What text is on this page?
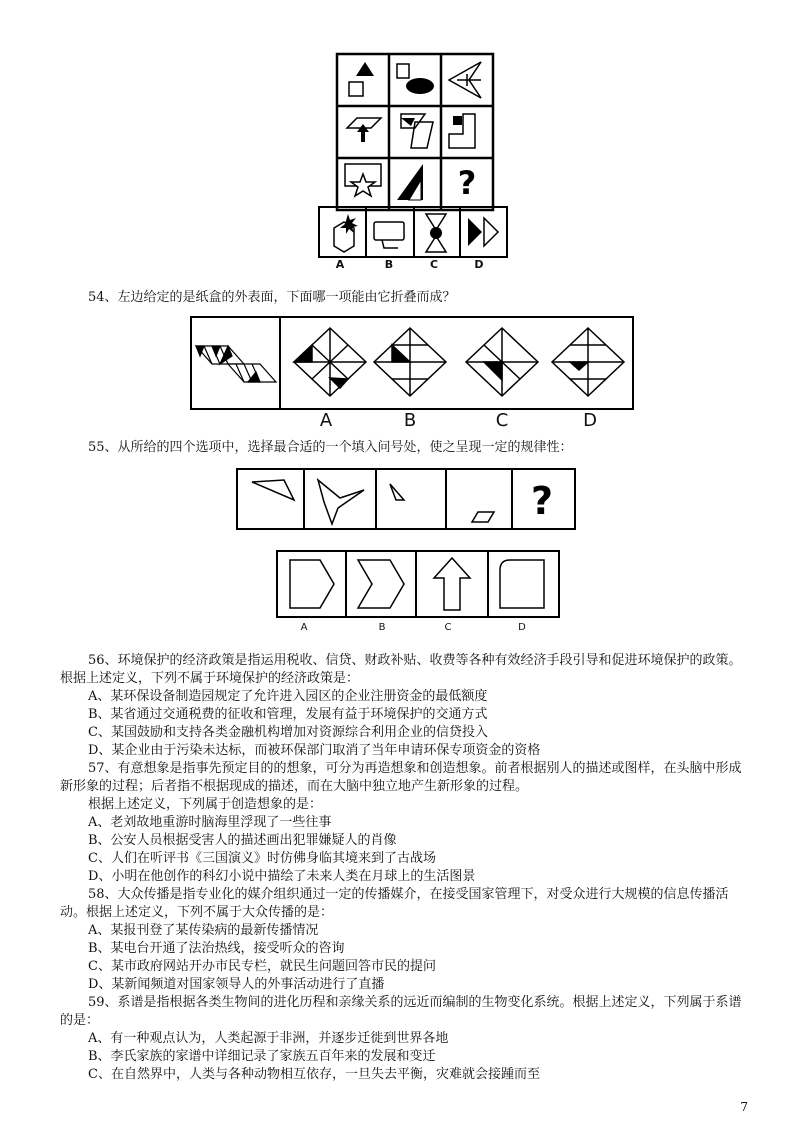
?
A	B	C	D
54、左边给定的是纸盒的外表面，下面哪一项能由它折叠而成？
A	B	C	D
55、从所给的四个选项中，选择最合适的一个填入问号处，使之呈现一定的规律性：
?
A	B	C	D
56、环境保护的经济政策是指运用税收、信贷、财政补贴、收费等各种有效经济手段引导和促进环境保护的政策。根据上述定义，下列不属于环境保护的经济政策是：
A、某环保设备制造园规定了允许进入园区的企业注册资金的最低额度
B、某省通过交通税费的征收和管理，发展有益于环境保护的交通方式
C、某国鼓励和支持各类金融机构增加对资源综合利用企业的信贷投入
D、某企业由于污染未达标，而被环保部门取消了当年申请环保专项资金的资格
57、有意想象是指事先预定目的的想象，可分为再造想象和创造想象。前者根据别人的描述或图样，在头脑中形成新形象的过程；后者指不根据现成的描述，而在大脑中独立地产生新形象的过程。
根据上述定义，下列属于创造想象的是：
A、老刘故地重游时脑海里浮现了一些往事
B、公安人员根据受害人的描述画出犯罪嫌疑人的肖像
C、人们在听评书《三国演义》时仿佛身临其境来到了古战场
D、小明在他创作的科幻小说中描绘了未来人类在月球上的生活图景
58、大众传播是指专业化的媒介组织通过一定的传播媒介，在接受国家管理下，对受众进行大规模的信息传播活动。根据上述定义，下列不属于大众传播的是：
A、某报刊登了某传染病的最新传播情况
B、某电台开通了法治热线，接受听众的咨询
C、某市政府网站开办市民专栏，就民生问题回答市民的提问
D、某新闻频道对国家领导人的外事活动进行了直播
59、系谱是指根据各类生物间的进化历程和亲缘关系的远近而编制的生物变化系统。根据上述定义，下列属于系谱的是：
A、有一种观点认为，人类起源于非洲，并逐步迁徙到世界各地
B、李氏家族的家谱中详细记录了家族五百年来的发展和变迁
C、在自然界中，人类与各种动物相互依存，一旦失去平衡，灾难就会接踵而至
7
